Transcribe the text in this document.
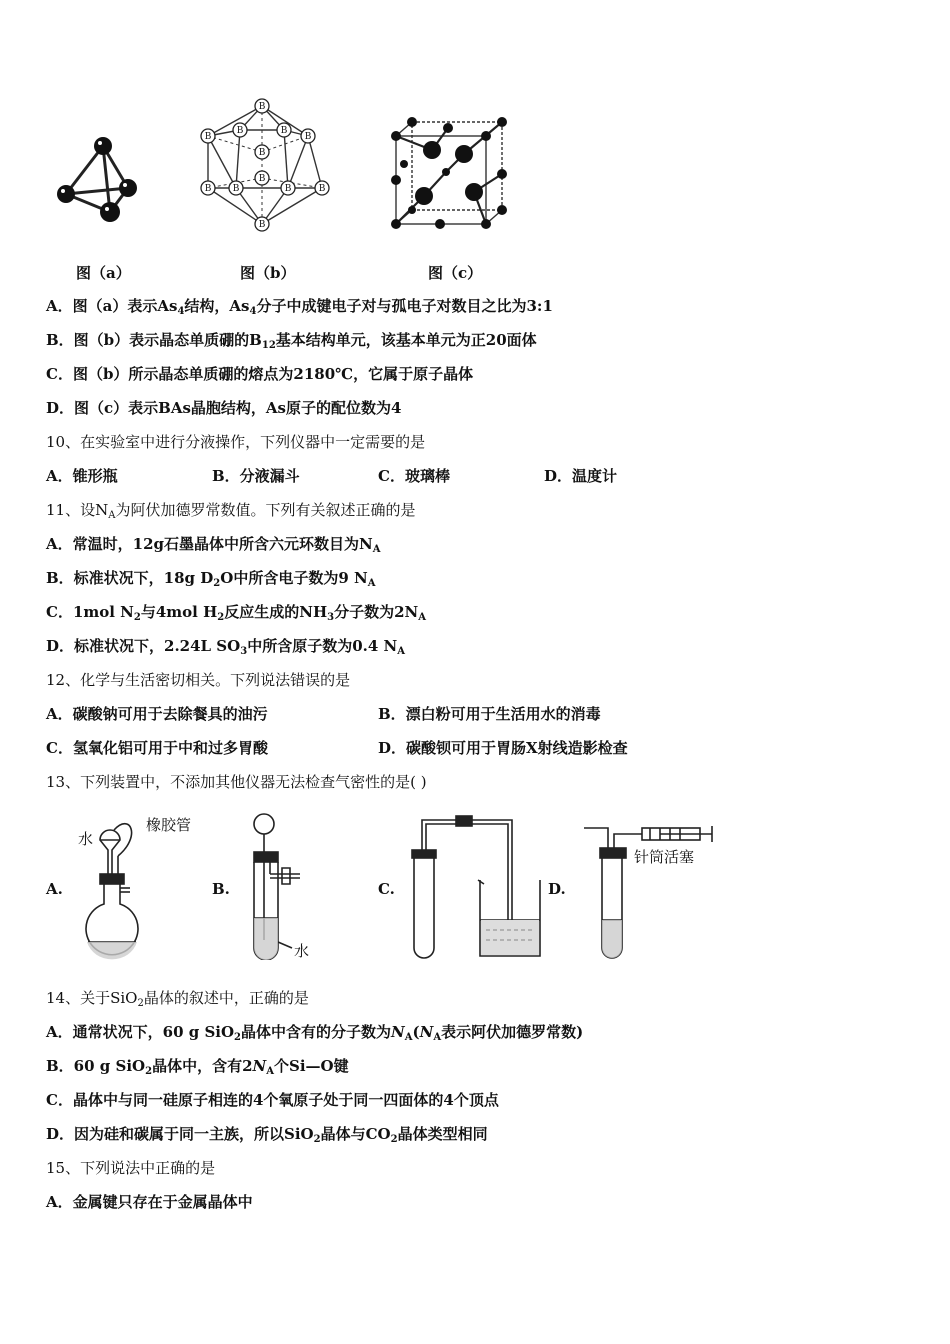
B
B	B
B	B
B
B
B	B
B	B
B
图（a）	图（b）	图（c）
A．图（a）表示$As_4$结构，$As_4$分子中成键电子对与孤电子对数目之比为3:1
B．图（b）表示晶态单质硼的$B_{12}$基本结构单元，该基本单元为正20面体
C．图（b）所示晶态单质硼的熔点为2180℃，它属于原子晶体
D．图（c）表示BAs晶胞结构，As原子的配位数为4
10、在实验室中进行分液操作，下列仪器中一定需要的是
A．锥形瓶	B．分液漏斗	C．玻璃棒	D．温度计
11、设$N_A$为阿伏加德罗常数值。下列有关叙述正确的是
A．常温时，12g石墨晶体中所含六元环数目为$N_A$
B．标准状况下，18g $D_2O$中所含电子数为9 $N_A$
C．1mol $N_2$与4mol $H_2$反应生成的$NH_3$分子数为$2N_A$
D．标准状况下，2.24L $SO_3$中所含原子数为0.4 $N_A$
12、化学与生活密切相关。下列说法错误的是
A．碳酸钠可用于去除餐具的油污	B．漂白粉可用于生活用水的消毒
C．氢氧化铝可用于中和过多胃酸	D．碳酸钡可用于胃肠X射线造影检查
13、下列装置中，不添加其他仪器无法检查气密性的是( )
A.	B.	C.	D.
水
橡胶管
水
针筒活塞
14、关于SiO$_2$晶体的叙述中，正确的是
A．通常状况下，60 g SiO$_2$晶体中含有的分子数为$N_A(N_A$表示阿伏加德罗常数)
B．60 g SiO$_2$晶体中，含有$2N_A$个Si—O键
C．晶体中与同一硅原子相连的4个氧原子处于同一四面体的4个顶点
D．因为硅和碳属于同一主族，所以SiO$_2$晶体与$CO_2$晶体类型相同
15、下列说法中正确的是
A．金属键只存在于金属晶体中
